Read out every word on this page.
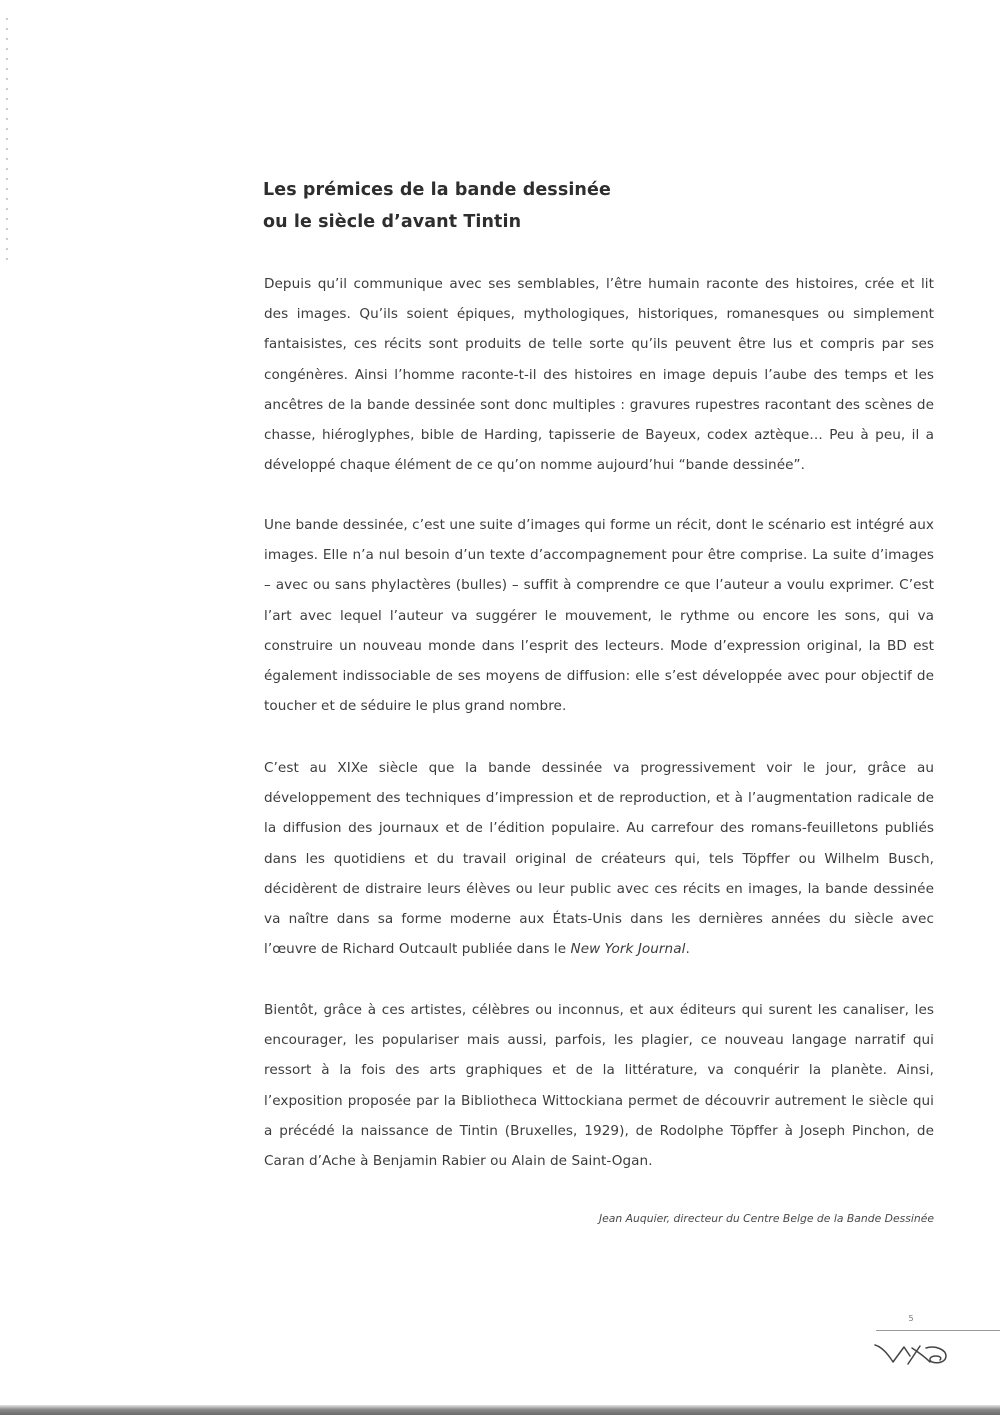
Les prémices de la bande dessinée
ou le siècle d’avant Tintin

Depuis qu’il communique avec ses semblables, l’être humain raconte des histoires, crée et lit des images. Qu’ils soient épiques, mythologiques, historiques, romanesques ou simplement fantaisistes, ces récits sont produits de telle sorte qu’ils peuvent être lus et compris par ses congénères. Ainsi l’homme raconte-t-il des histoires en image depuis l’aube des temps et les ancêtres de la bande dessinée sont donc multiples : gravures rupestres racontant des scènes de chasse, hiéroglyphes, bible de Harding, tapisserie de Bayeux, codex aztèque… Peu à peu, il a développé chaque élément de ce qu’on nomme aujourd’hui “bande dessinée”.

Une bande dessinée, c’est une suite d’images qui forme un récit, dont le scénario est intégré aux images. Elle n’a nul besoin d’un texte d’accompagnement pour être comprise. La suite d’images – avec ou sans phylactères (bulles) – suffit à comprendre ce que l’auteur a voulu exprimer. C’est l’art avec lequel l’auteur va suggérer le mouvement, le rythme ou encore les sons, qui va construire un nouveau monde dans l’esprit des lecteurs. Mode d’expression original, la BD est également indissociable de ses moyens de diffusion: elle s’est développée avec pour objectif de toucher et de séduire le plus grand nombre.

C’est au XIXe siècle que la bande dessinée va progressivement voir le jour, grâce au développement des techniques d’impression et de reproduction, et à l’augmentation radicale de la diffusion des journaux et de l’édition populaire. Au carrefour des romans-feuilletons publiés dans les quotidiens et du travail original de créateurs qui, tels Töpffer ou Wilhelm Busch, décidèrent de distraire leurs élèves ou leur public avec ces récits en images, la bande dessinée va naître dans sa forme moderne aux États-Unis dans les dernières années du siècle avec l’œuvre de Richard Outcault publiée dans le New York Journal.

Bientôt, grâce à ces artistes, célèbres ou inconnus, et aux éditeurs qui surent les canaliser, les encourager, les populariser mais aussi, parfois, les plagier, ce nouveau langage narratif qui ressort à la fois des arts graphiques et de la littérature, va conquérir la planète. Ainsi, l’exposition proposée par la Bibliotheca Wittockiana permet de découvrir autrement le siècle qui a précédé la naissance de Tintin (Bruxelles, 1929), de Rodolphe Töpffer à Joseph Pinchon, de Caran d’Ache à Benjamin Rabier ou Alain de Saint-Ogan.

Jean Auquier, directeur du Centre Belge de la Bande Dessinée

5
